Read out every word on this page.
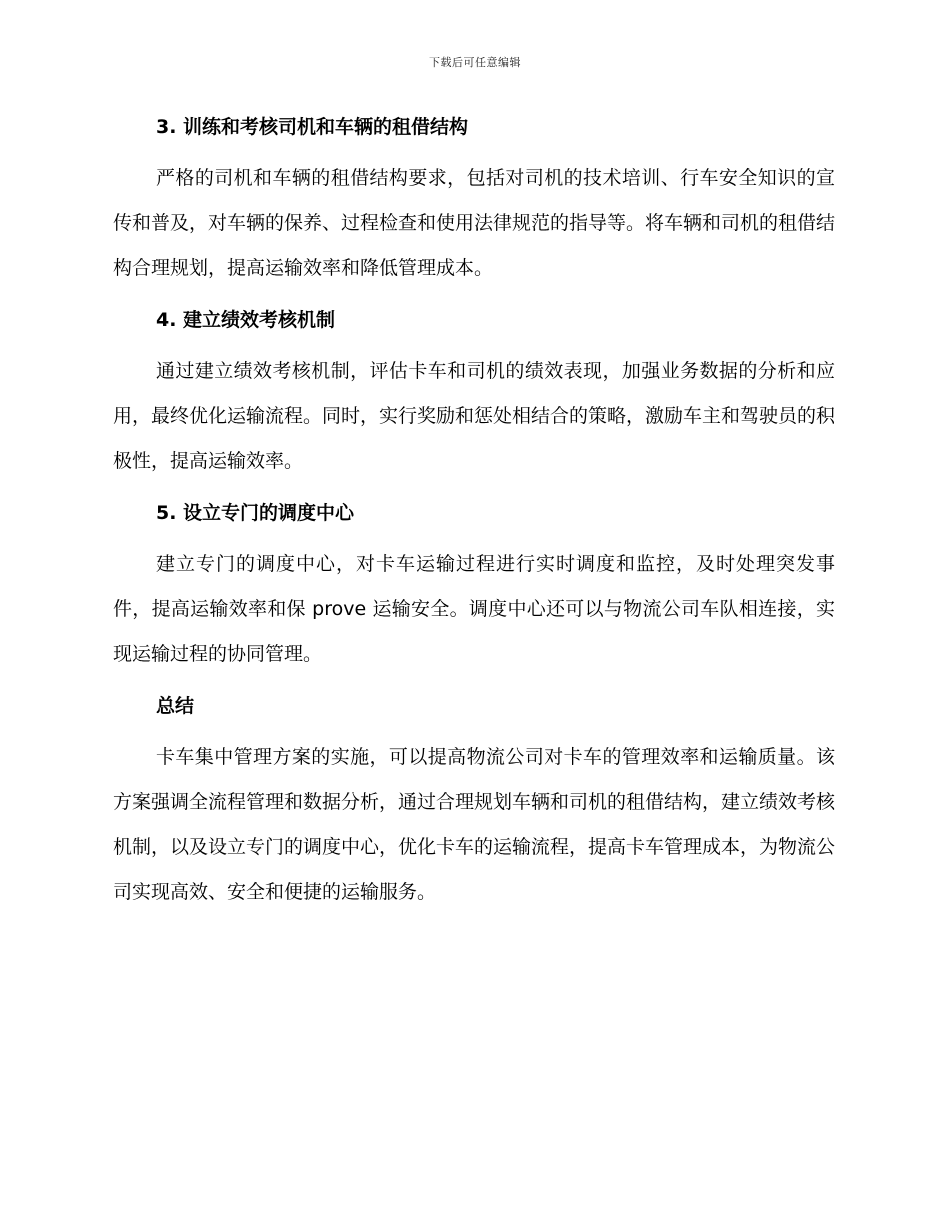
下载后可任意编辑
3. 训练和考核司机和车辆的租借结构

严格的司机和车辆的租借结构要求，包括对司机的技术培训、行车安全知识的宣传和普及，对车辆的保养、过程检查和使用法律规范的指导等。将车辆和司机的租借结构合理规划，提高运输效率和降低管理成本。

4. 建立绩效考核机制

通过建立绩效考核机制，评估卡车和司机的绩效表现，加强业务数据的分析和应用，最终优化运输流程。同时，实行奖励和惩处相结合的策略，激励车主和驾驶员的积极性，提高运输效率。

5. 设立专门的调度中心

建立专门的调度中心，对卡车运输过程进行实时调度和监控，及时处理突发事件，提高运输效率和保 prove 运输安全。调度中心还可以与物流公司车队相连接，实现运输过程的协同管理。

总结

卡车集中管理方案的实施，可以提高物流公司对卡车的管理效率和运输质量。该方案强调全流程管理和数据分析，通过合理规划车辆和司机的租借结构，建立绩效考核机制，以及设立专门的调度中心，优化卡车的运输流程，提高卡车管理成本，为物流公司实现高效、安全和便捷的运输服务。
